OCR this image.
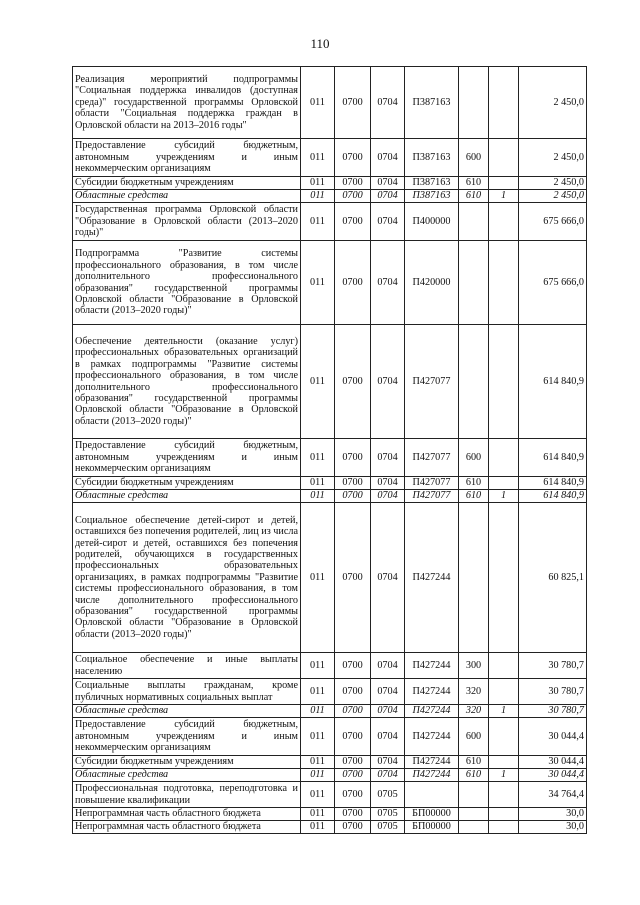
110
Реализация мероприятий подпрограммы "Социальная поддержка инвалидов (доступная среда)" государственной программы Орловской области "Социальная поддержка граждан в Орловской области на 2013–2016 годы"	011	0700	0704	П387163			2 450,0
Предоставление субсидий бюджетным, автономным учреждениям и иным некоммерческим организациям	011	0700	0704	П387163	600		2 450,0
Субсидии бюджетным учреждениям	011	0700	0704	П387163	610		2 450,0
Областные средства	011	0700	0704	П387163	610	1	2 450,0
Государственная программа Орловской области "Образование в Орловской области (2013–2020 годы)"	011	0700	0704	П400000			675 666,0
Подпрограмма "Развитие системы профессионального образования, в том числе дополнительного профессионального образования" государственной программы Орловской области "Образование в Орловской области (2013–2020 годы)"	011	0700	0704	П420000			675 666,0
Обеспечение деятельности (оказание услуг) профессиональных образовательных организаций в рамках подпрограммы "Развитие системы профессионального образования, в том числе дополнительного профессионального образования" государственной программы Орловской области "Образование в Орловской области (2013–2020 годы)"	011	0700	0704	П427077			614 840,9
Предоставление субсидий бюджетным, автономным учреждениям и иным некоммерческим организациям	011	0700	0704	П427077	600		614 840,9
Субсидии бюджетным учреждениям	011	0700	0704	П427077	610		614 840,9
Областные средства	011	0700	0704	П427077	610	1	614 840,9
Социальное обеспечение детей-сирот и детей, оставшихся без попечения родителей, лиц из числа детей-сирот и детей, оставшихся без попечения родителей, обучающихся в государственных профессиональных образовательных организациях, в рамках подпрограммы "Развитие системы профессионального образования, в том числе дополнительного профессионального образования" государственной программы Орловской области "Образование в Орловской области (2013–2020 годы)"	011	0700	0704	П427244			60 825,1
Социальное обеспечение и иные выплаты населению	011	0700	0704	П427244	300		30 780,7
Социальные выплаты гражданам, кроме публичных нормативных социальных выплат	011	0700	0704	П427244	320		30 780,7
Областные средства	011	0700	0704	П427244	320	1	30 780,7
Предоставление субсидий бюджетным, автономным учреждениям и иным некоммерческим организациям	011	0700	0704	П427244	600		30 044,4
Субсидии бюджетным учреждениям	011	0700	0704	П427244	610		30 044,4
Областные средства	011	0700	0704	П427244	610	1	30 044,4
Профессиональная подготовка, переподготовка и повышение квалификации	011	0700	0705				34 764,4
Непрограммная часть областного бюджета	011	0700	0705	БП00000			30,0
Непрограммная часть областного бюджета	011	0700	0705	БП00000			30,0
